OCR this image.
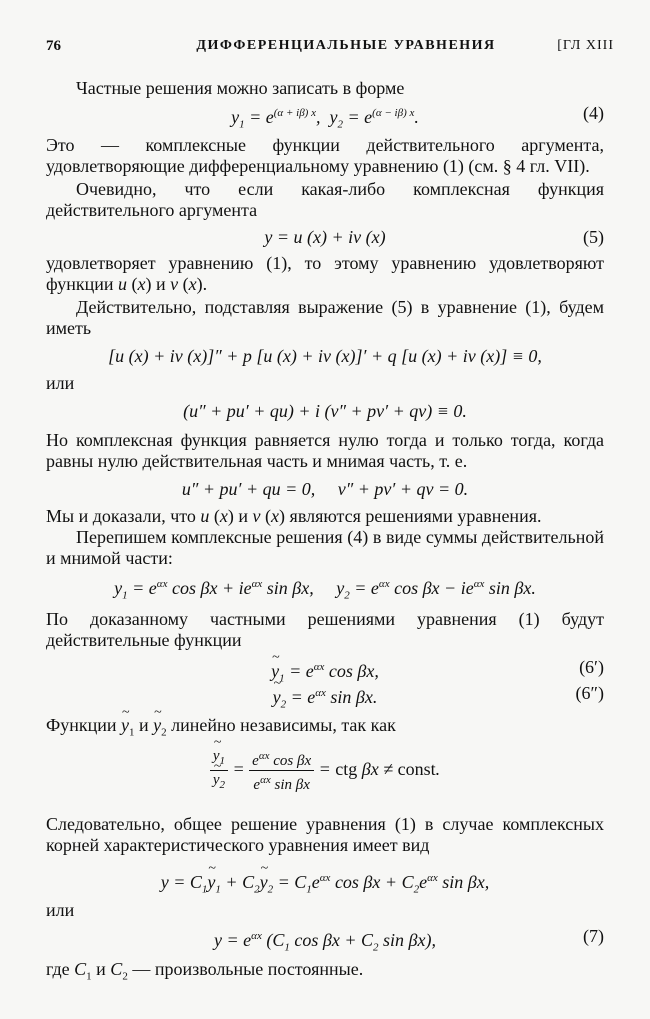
76	ДИФФЕРЕНЦИАЛЬНЫЕ УРАВНЕНИЯ	[ГЛ XIII

Частные решения можно записать в форме

$y_1 = e^{(\alpha + i\beta) x}$,  $y_2 = e^{(\alpha - i\beta) x}$.	(4)

Это — комплексные функции действительного аргумента, удовлетворяющие дифференциальному уравнению (1) (см. § 4 гл. VII).

Очевидно, что если какая-либо комплексная функция действительного аргумента

y = u (x) + iv (x)	(5)

удовлетворяет уравнению (1), то этому уравнению удовлетворяют функции u (x) и v (x).

Действительно, подставляя выражение (5) в уравнение (1), будем иметь

[u (x) + iv (x)]″ + p [u (x) + iv (x)]′ + q [u (x) + iv (x)] ≡ 0,

или

(u″ + pu′ + qu) + i (v″ + pv′ + qv) ≡ 0.

Но комплексная функция равняется нулю тогда и только тогда, когда равны нулю действительная часть и мнимая часть, т. е.

u″ + pu′ + qu = 0,     v″ + pv′ + qv = 0.

Мы и доказали, что u (x) и v (x) являются решениями уравнения.

Перепишем комплексные решения (4) в виде суммы действительной и мнимой части:

$y_1 = e^{\alpha x}$ $\cos \beta x + ie^{\alpha x}$ sin βx,     $y_2 = e^{\alpha x}$ $\cos \beta x - ie^{\alpha x}$ sin βx.

По доказанному частными решениями уравнения (1) будут действительные функции

~ $y_1 = e^{\alpha x}$ cos βx,	(6′)
~ $y_2 = e^{\alpha x}$ sin βx.	(6″)

Функции ~ $y_1$ и ~ $y_2$ линейно независимы, так как

~ $y_1$
~ $y_2 = \frac{e^{\alpha x} \cos \beta x}{e^{\alpha x} \sin \beta x}$ = ctg βx ≠ const.

Следовательно, общее решение уравнения (1) в случае комплексных корней характеристического уравнения имеет вид

$y = C_1\sim$ $y_1$ + $C_2\sim$ $y_2 = C_1e^{\alpha x}$ $\cos \beta x + C_2e^{\alpha x}$ sin βx,

или

$y = e^{\alpha x}$ ($C_1$ $\cos \beta x + C_2$ sin βx),	(7)

где $C_1$ и $C_2$ — произвольные постоянные.
